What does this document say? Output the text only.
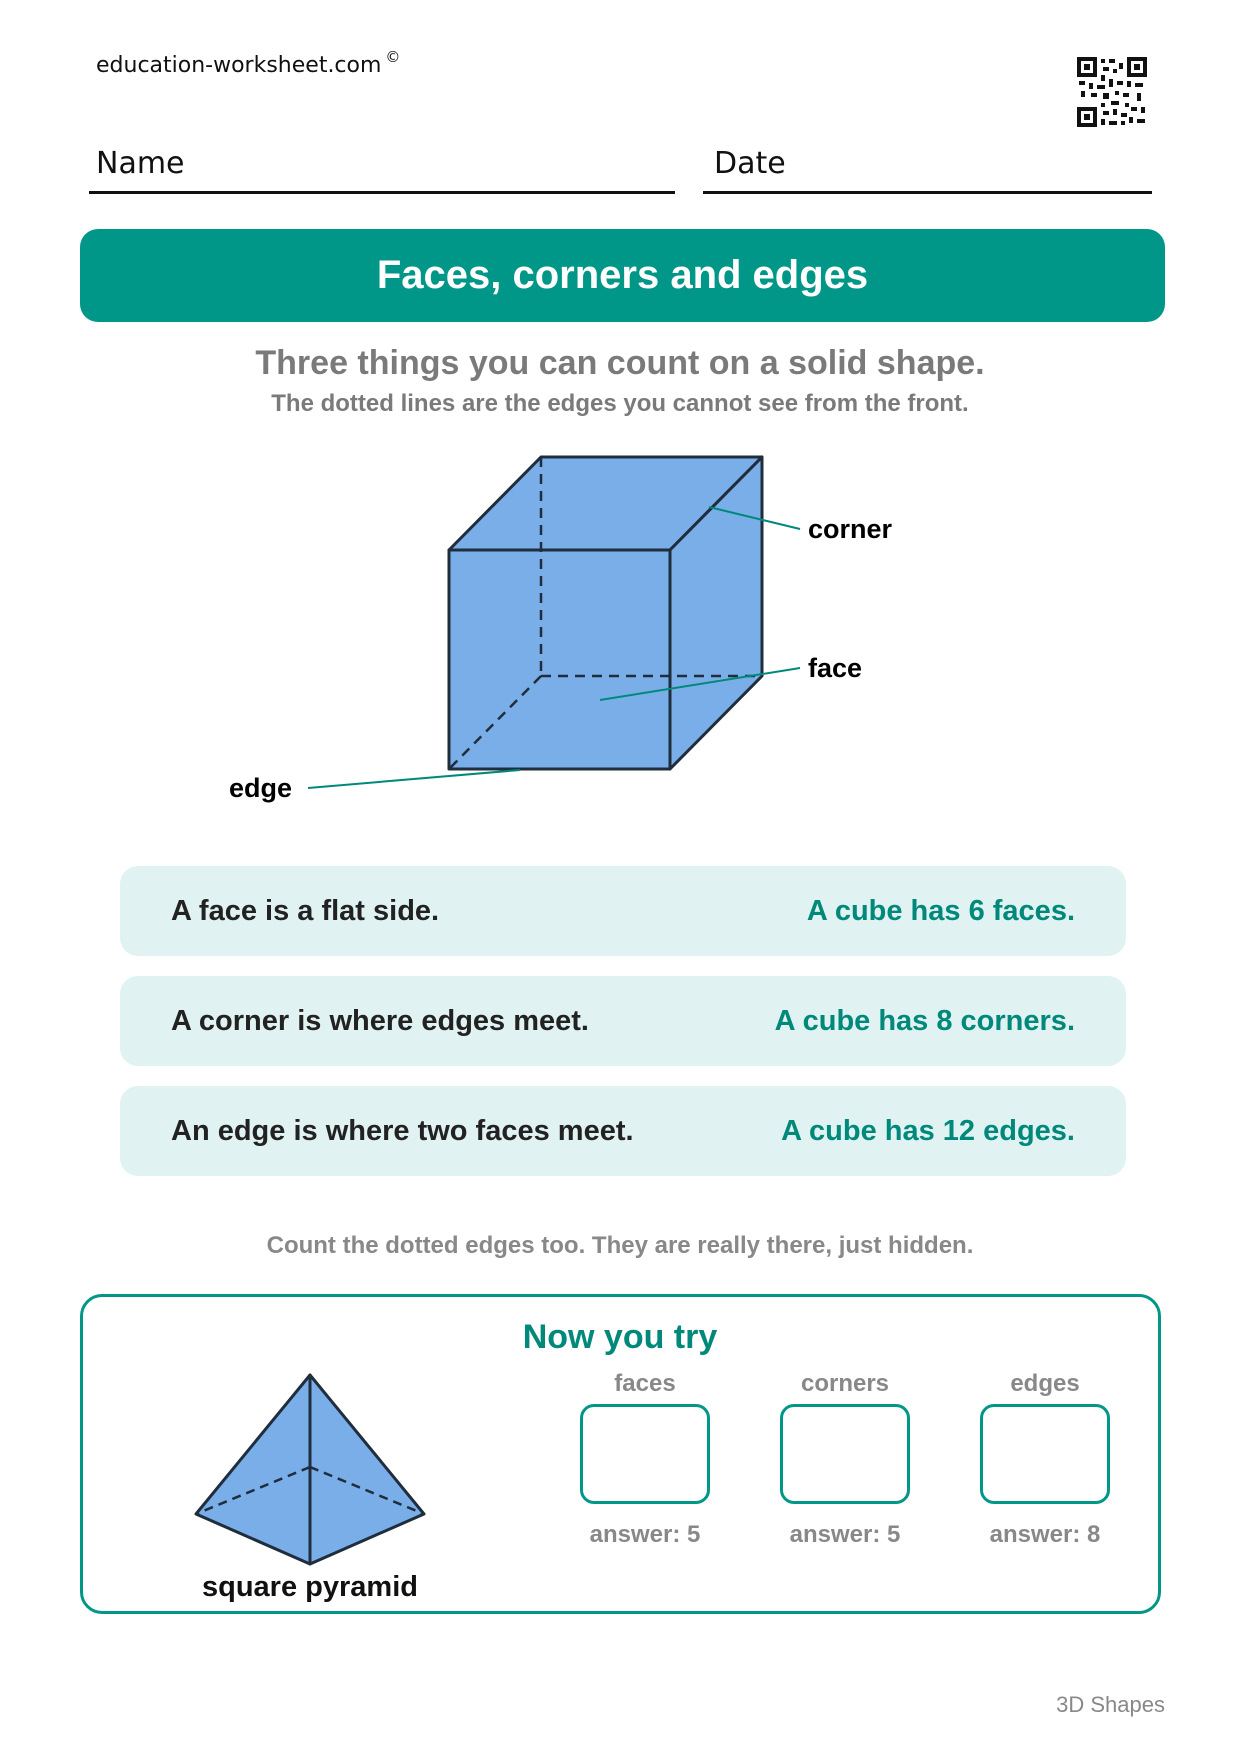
education-worksheet.com ©
Name	Date
Faces, corners and edges
Three things you can count on a solid shape.
The dotted lines are the edges you cannot see from the front.
corner
face
edge
A face is a flat side.	A cube has 6 faces.
A corner is where edges meet.	A cube has 8 corners.
An edge is where two faces meet.	A cube has 12 edges.
Count the dotted edges too. They are really there, just hidden.
Now you try
square pyramid
faces	corners	edges
answer: 5	answer: 5	answer: 8
3D Shapes
